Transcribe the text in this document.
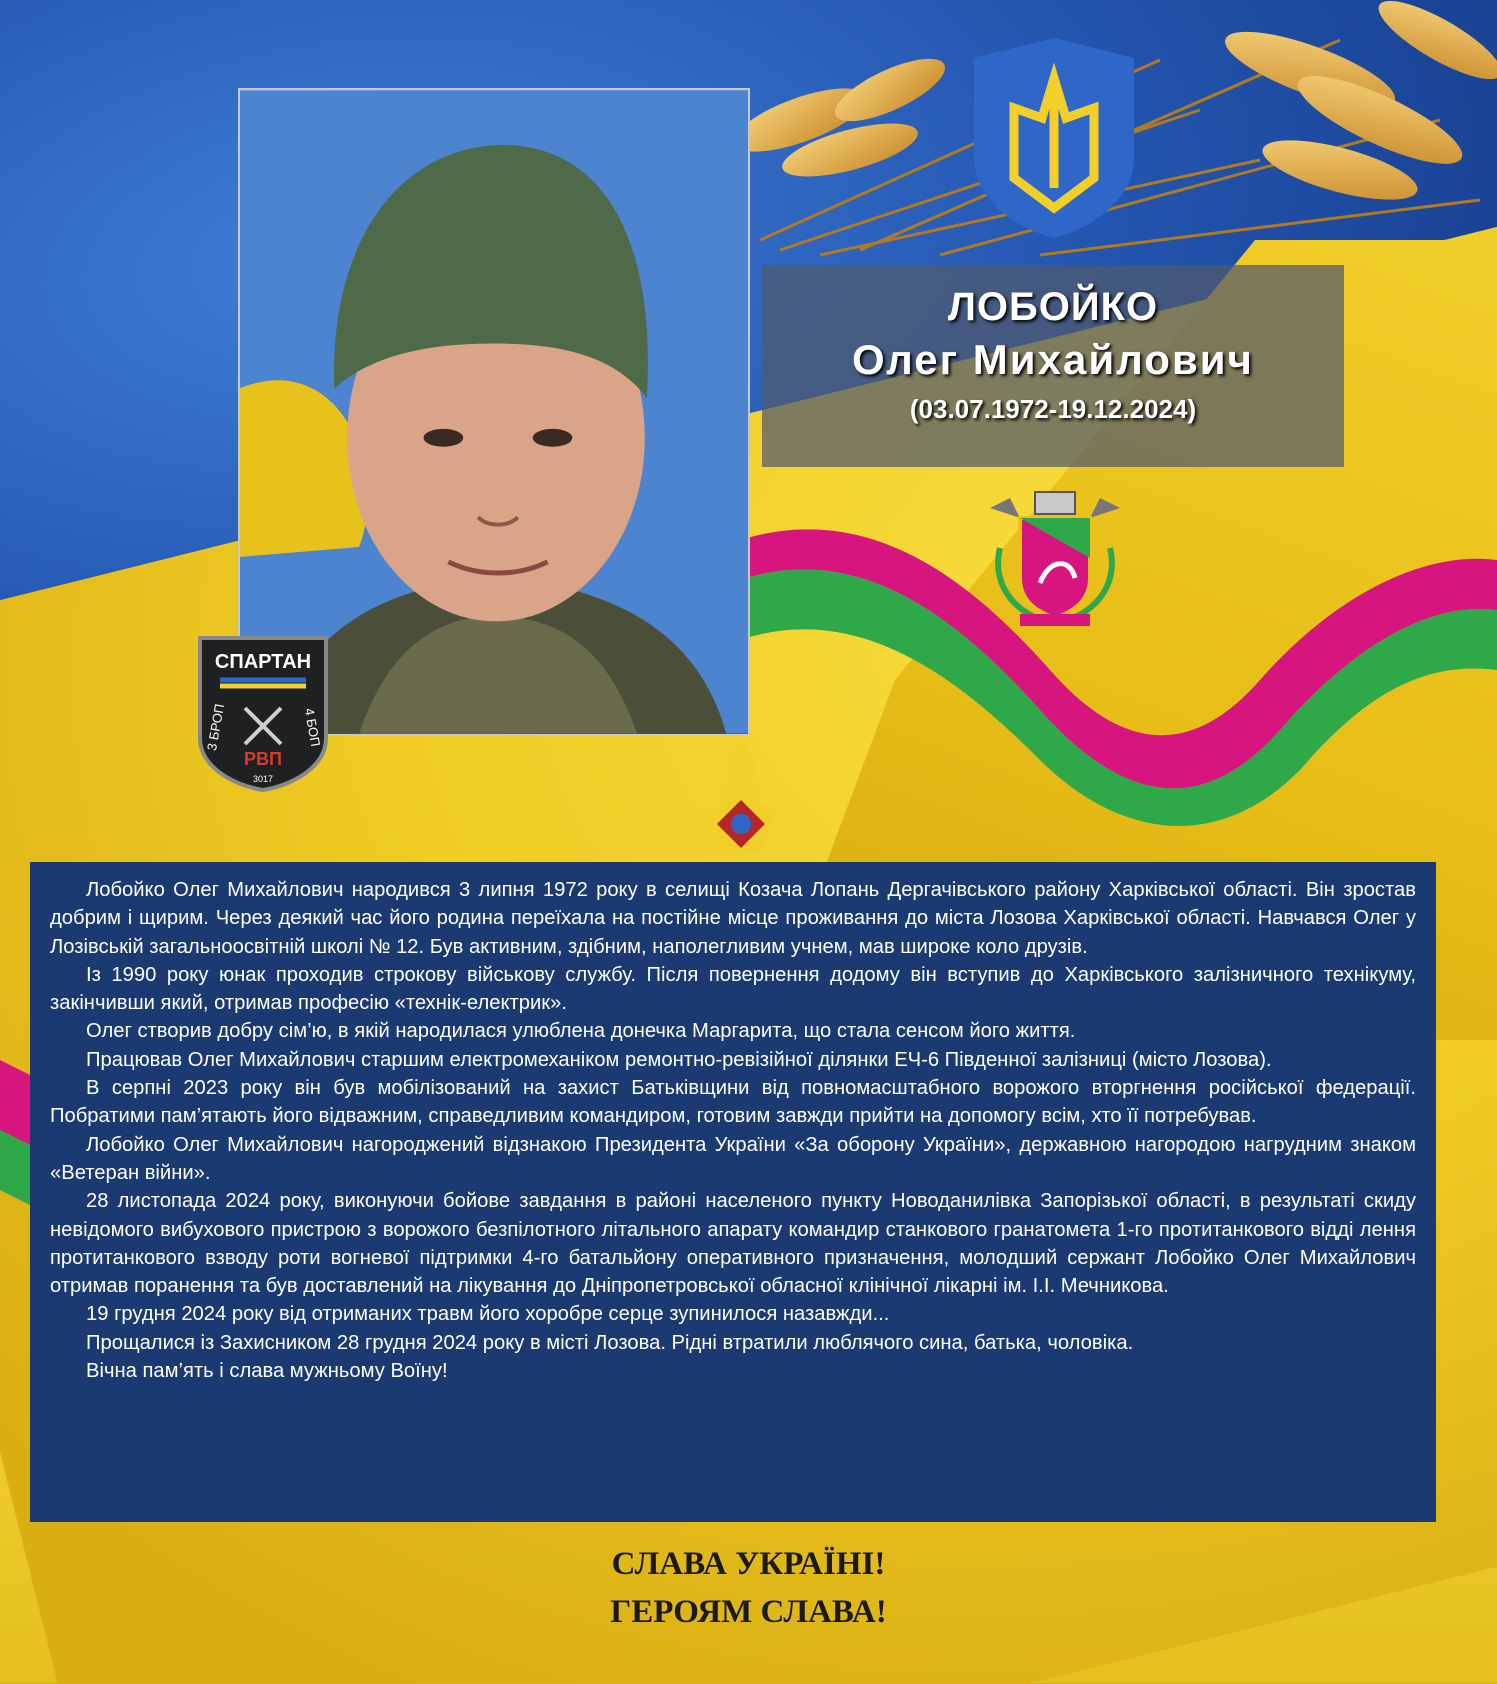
ЛОБОЙКО
Олег Михайлович
(03.07.1972-19.12.2024)
СПАРТАН
3 БРОП	4 БОП
РВП
3017

Лобойко Олег Михайлович народився 3 липня 1972 року в селищі Козача Лопань Дергачівського району Харківської області. Він зростав добрим і щирим. Через деякий час його родина переїхала на постійне місце проживання до міста Лозова Харківської області. Навчався Олег у Лозівській загальноосвітній школі № 12. Був активним, здібним, наполегливим учнем, мав широке коло друзів.

Із 1990 року юнак проходив строкову військову службу. Після повернення додому він вступив до Харківського залізничного технікуму, закінчивши який, отримав професію «технік-електрик».

Олег створив добру сім’ю, в якій народилася улюблена донечка Маргарита, що стала сенсом його життя.

Працював Олег Михайлович старшим електромеханіком ремонтно-ревізійної ділянки ЕЧ-6 Південної залізниці (місто Лозова).

В серпні 2023 року він був мобілізований на захист Батьківщини від повномасштабного ворожого вторгнення російської федерації. Побратими пам’ятають його відважним, справедливим командиром, готовим завжди прийти на допомогу всім, хто її потребував.

Лобойко Олег Михайлович нагороджений відзнакою Президента України «За оборону України», державною нагородою нагрудним знаком «Ветеран війни».

28 листопада 2024 року, виконуючи бойове завдання в районі населеного пункту Новоданилівка Запорізької області, в результаті скиду невідомого вибухового пристрою з ворожого безпілотного літального апарату командир станкового гранатомета 1-го протитанкового відді лення протитанкового взводу роти вогневої підтримки 4-го батальйону оперативного призначення, молодший сержант Лобойко Олег Михайлович отримав поранення та був доставлений на лікування до Дніпропетровської обласної клінічної лікарні ім. І.І. Мечникова.

19 грудня 2024 року від отриманих травм його хоробре серце зупинилося назавжди...

Прощалися із Захисником 28 грудня 2024 року в місті Лозова. Рідні втратили люблячого сина, батька, чоловіка.

Вічна пам’ять і слава мужньому Воїну!

СЛАВА УКРАЇНІ!
ГЕРОЯМ СЛАВА!
